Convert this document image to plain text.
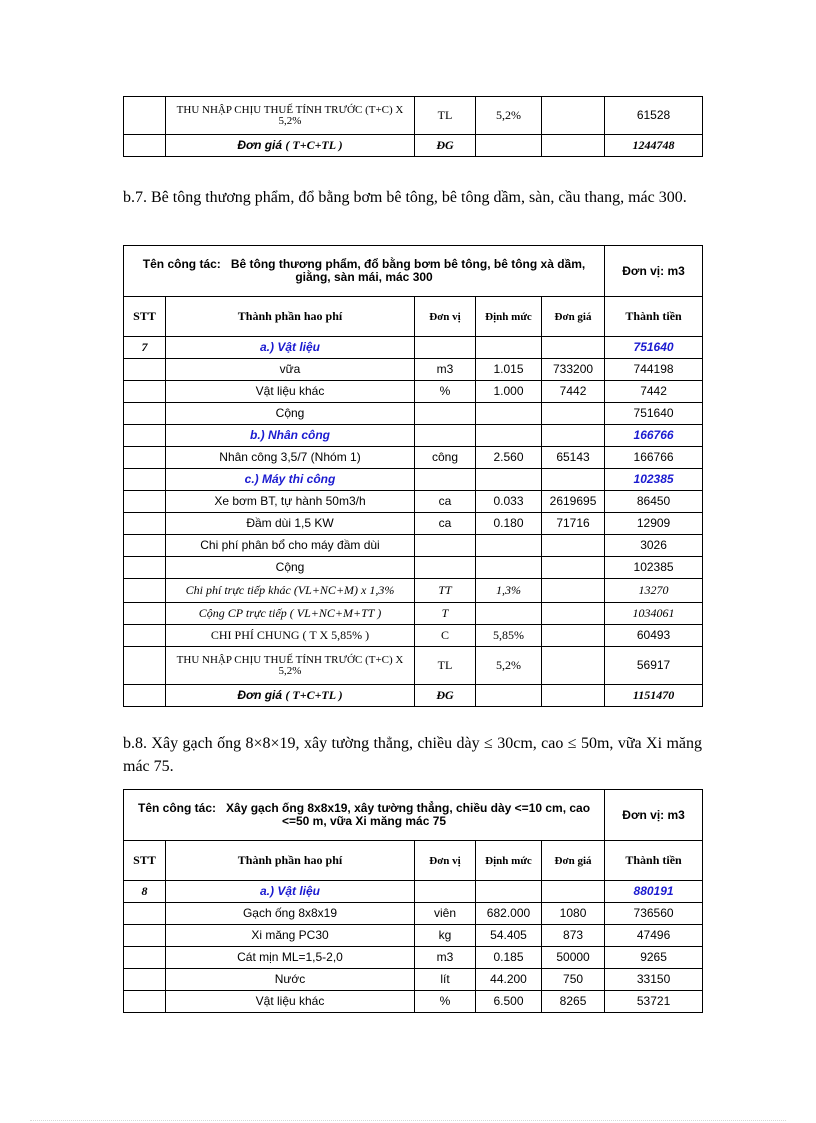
	THU NHẬP CHỊU THUẾ TÍNH TRƯỚC (T+C) X 5,2%	TL	5,2%		61528
	Đơn giá ( T+C+TL )	ĐG			1244748
b.7. Bê tông thương phẩm, đổ bằng bơm bê tông, bê tông dầm, sàn, cầu thang, mác 300.
Tên công tác: Bê tông thương phẩm, đổ bằng bơm bê tông, bê tông xà dầm, giằng, sàn mái, mác 300					Đơn vị: m3
STT	Thành phần hao phí	Đơn vị	Định mức	Đơn giá	Thành tiền
7	a.) Vật liệu				751640
	vữa	m3	1.015	733200	744198
	Vật liệu khác	%	1.000	7442	7442
	Cộng				751640
	b.) Nhân công				166766
	Nhân công 3,5/7 (Nhóm 1)	công	2.560	65143	166766
	c.) Máy thi công				102385
	Xe bơm BT, tự hành 50m3/h	ca	0.033	2619695	86450
	Đầm dùi 1,5 KW	ca	0.180	71716	12909
	Chi phí phân bổ cho máy đầm dùi				3026
	Cộng				102385
	Chi phí trực tiếp khác (VL+NC+M) x 1,3%	TT	1,3%		13270
	Cộng CP trực tiếp ( VL+NC+M+TT )	T			1034061
	CHI PHÍ CHUNG ( T X 5,85% )	C	5,85%		60493
	THU NHẬP CHỊU THUẾ TÍNH TRƯỚC (T+C) X 5,2%	TL	5,2%		56917
	Đơn giá ( T+C+TL )	ĐG			1151470
b.8. Xây gạch ống 8×8×19, xây tường thẳng, chiều dày ≤ 30cm, cao ≤ 50m, vữa Xi măng mác 75.
Tên công tác: Xây gạch ống 8x8x19, xây tường thẳng, chiều dày <=10 cm, cao <=50 m, vữa Xi măng mác 75					Đơn vị: m3
STT	Thành phần hao phí	Đơn vị	Định mức	Đơn giá	Thành tiền
8	a.) Vật liệu				880191
	Gạch ống 8x8x19	viên	682.000	1080	736560
	Xi măng PC30	kg	54.405	873	47496
	Cát mịn ML=1,5-2,0	m3	0.185	50000	9265
	Nước	lít	44.200	750	33150
	Vật liệu khác	%	6.500	8265	53721
